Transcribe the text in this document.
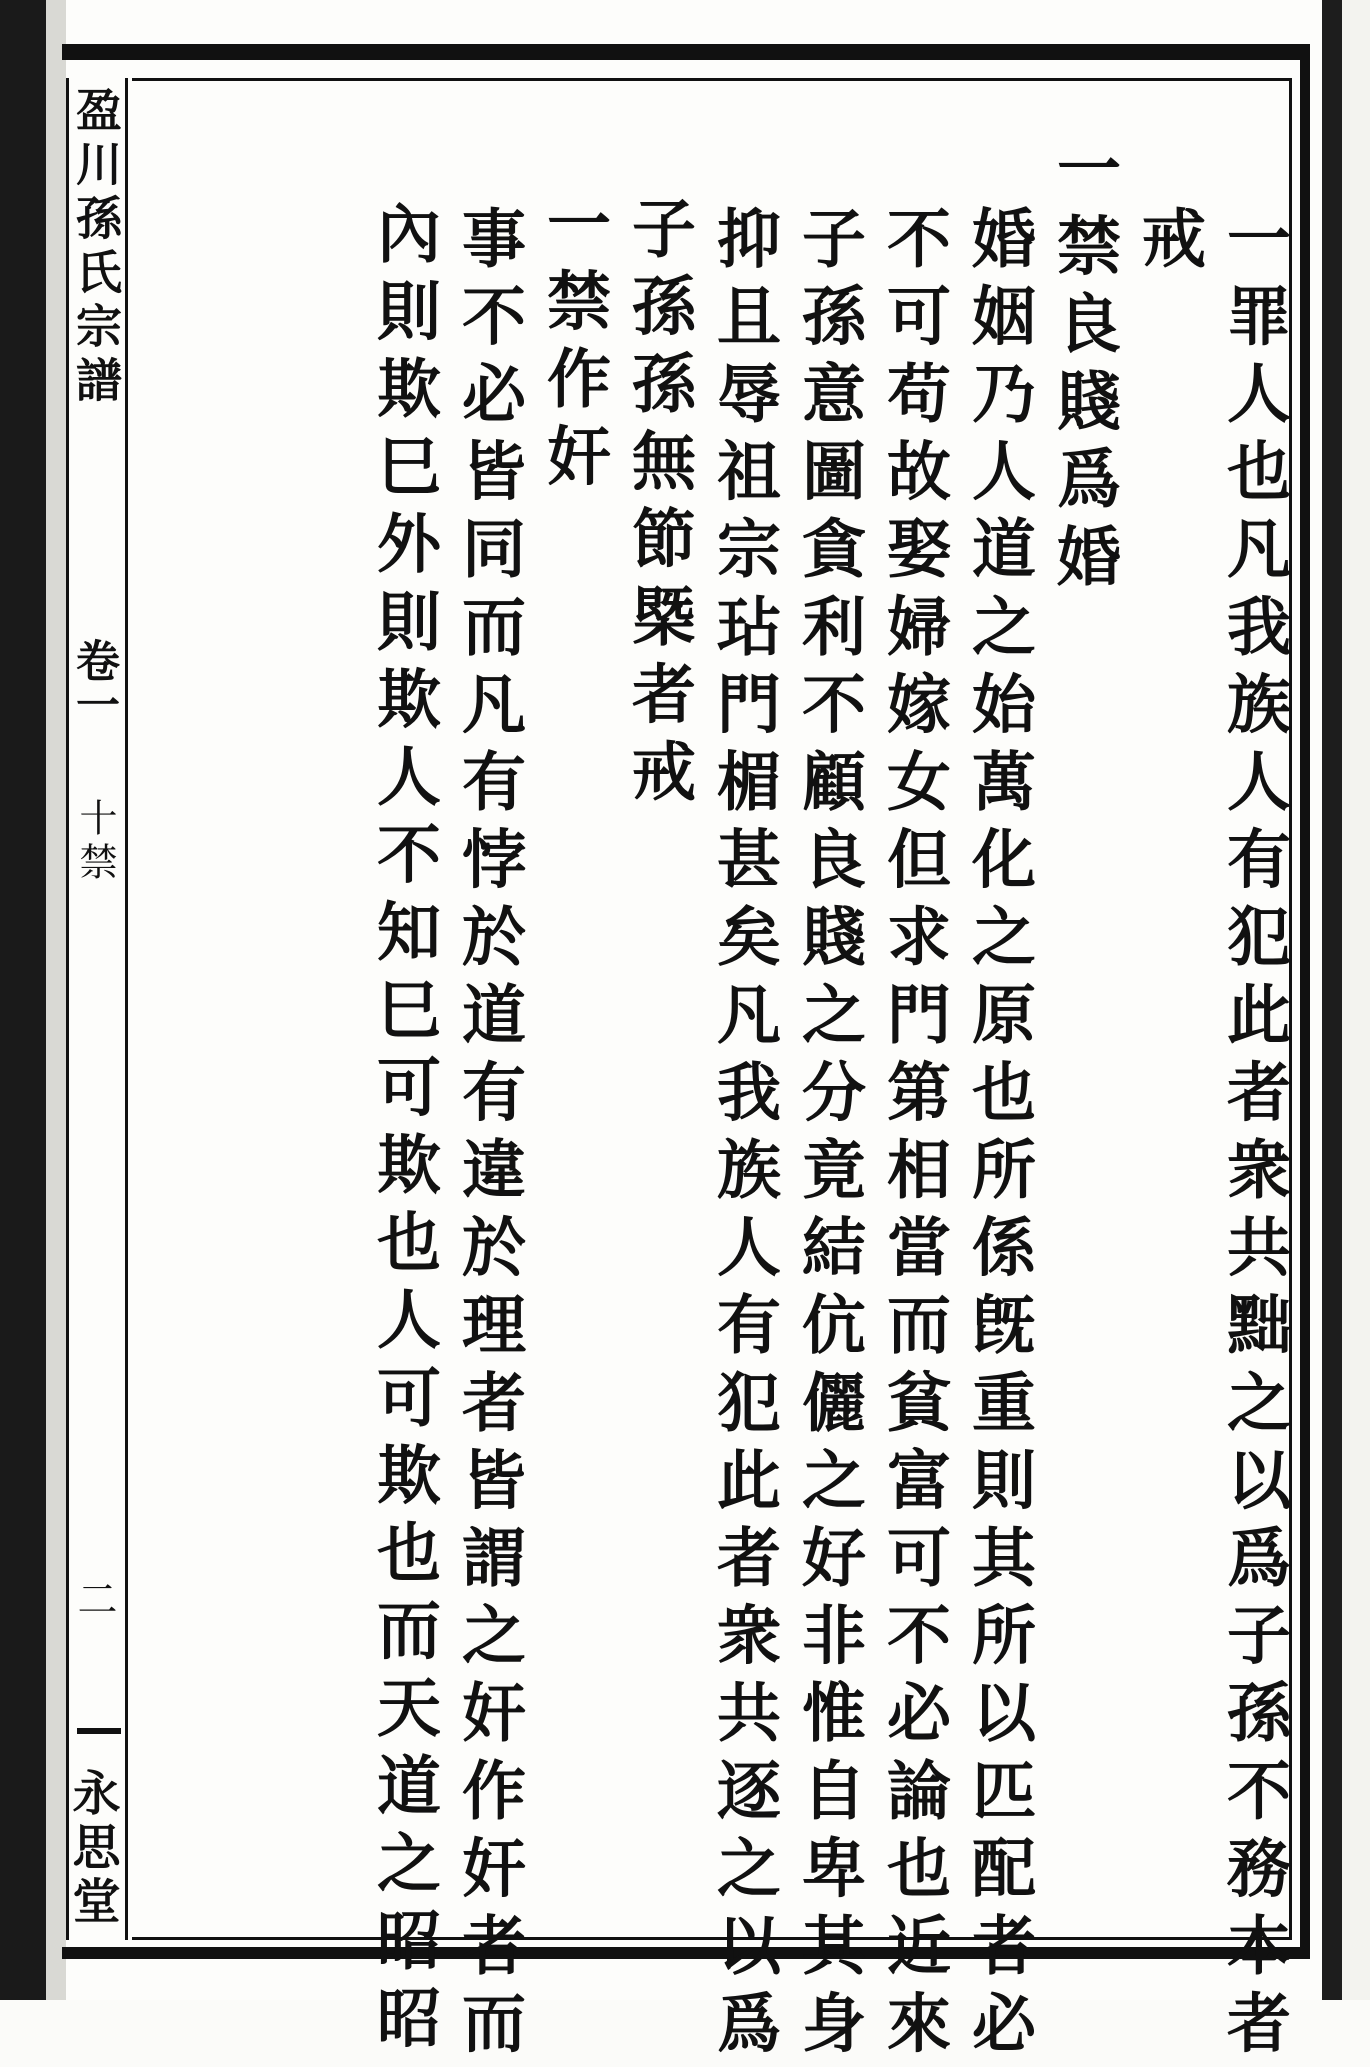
盈川孫氏宗譜
卷一
十禁
二
永思堂	一罪人也凡我族人有犯此者衆共黜之以爲子孫不務本者
戒
一禁良賤爲婚
婚姻乃人道之始萬化之原也所係旣重則其所以匹配者必
不可苟故娶婦嫁女但求門第相當而貧富可不必論也近來
子孫意圖貪利不顧良賤之分竟結伉儷之好非惟自卑其身
抑且辱祖宗玷門楣甚矣凡我族人有犯此者衆共逐之以爲
子孫孫無節槩者戒
一禁作奸
事不必皆同而凡有悖於道有違於理者皆謂之奸作奸者而
內則欺巳外則欺人不知巳可欺也人可欺也而天道之昭昭
